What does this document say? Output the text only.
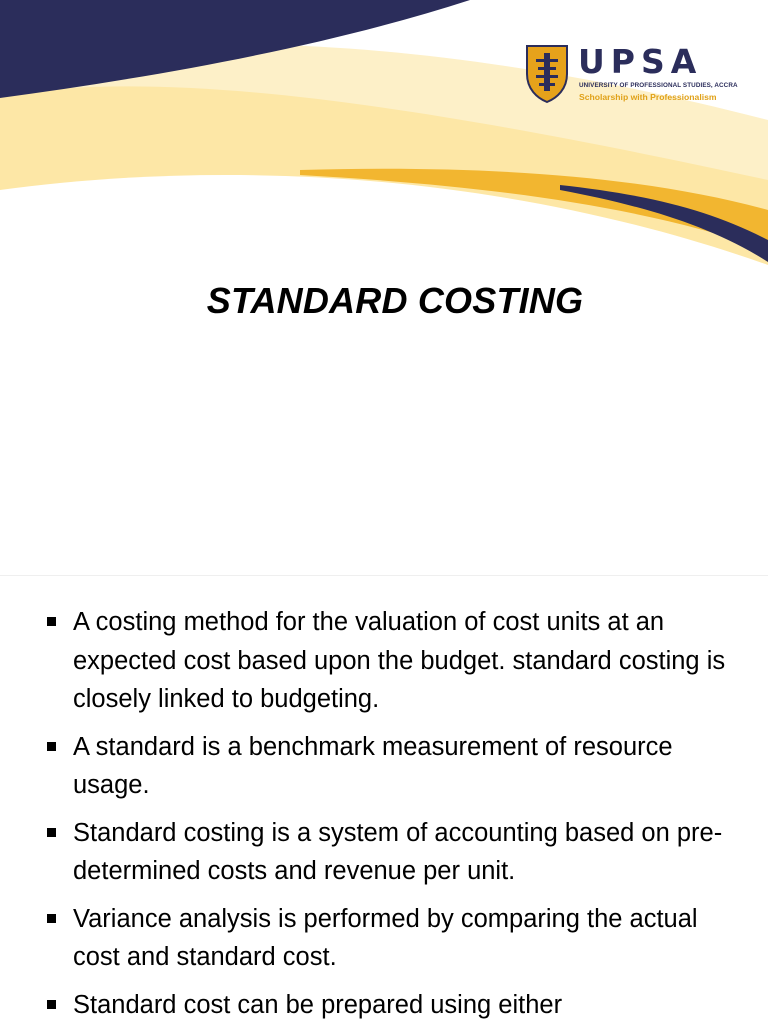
UPSA
UNIVERSITY OF PROFESSIONAL STUDIES, ACCRA
Scholarship with Professionalism
STANDARD COSTING
A costing method for the valuation of cost units at an expected cost based upon the budget. standard costing is closely linked to budgeting.
A standard is a benchmark measurement of resource usage.
Standard costing is a system of accounting based on pre-determined costs and revenue per unit.
Variance analysis is performed by comparing the actual cost and standard cost.
Standard cost can be prepared using either
